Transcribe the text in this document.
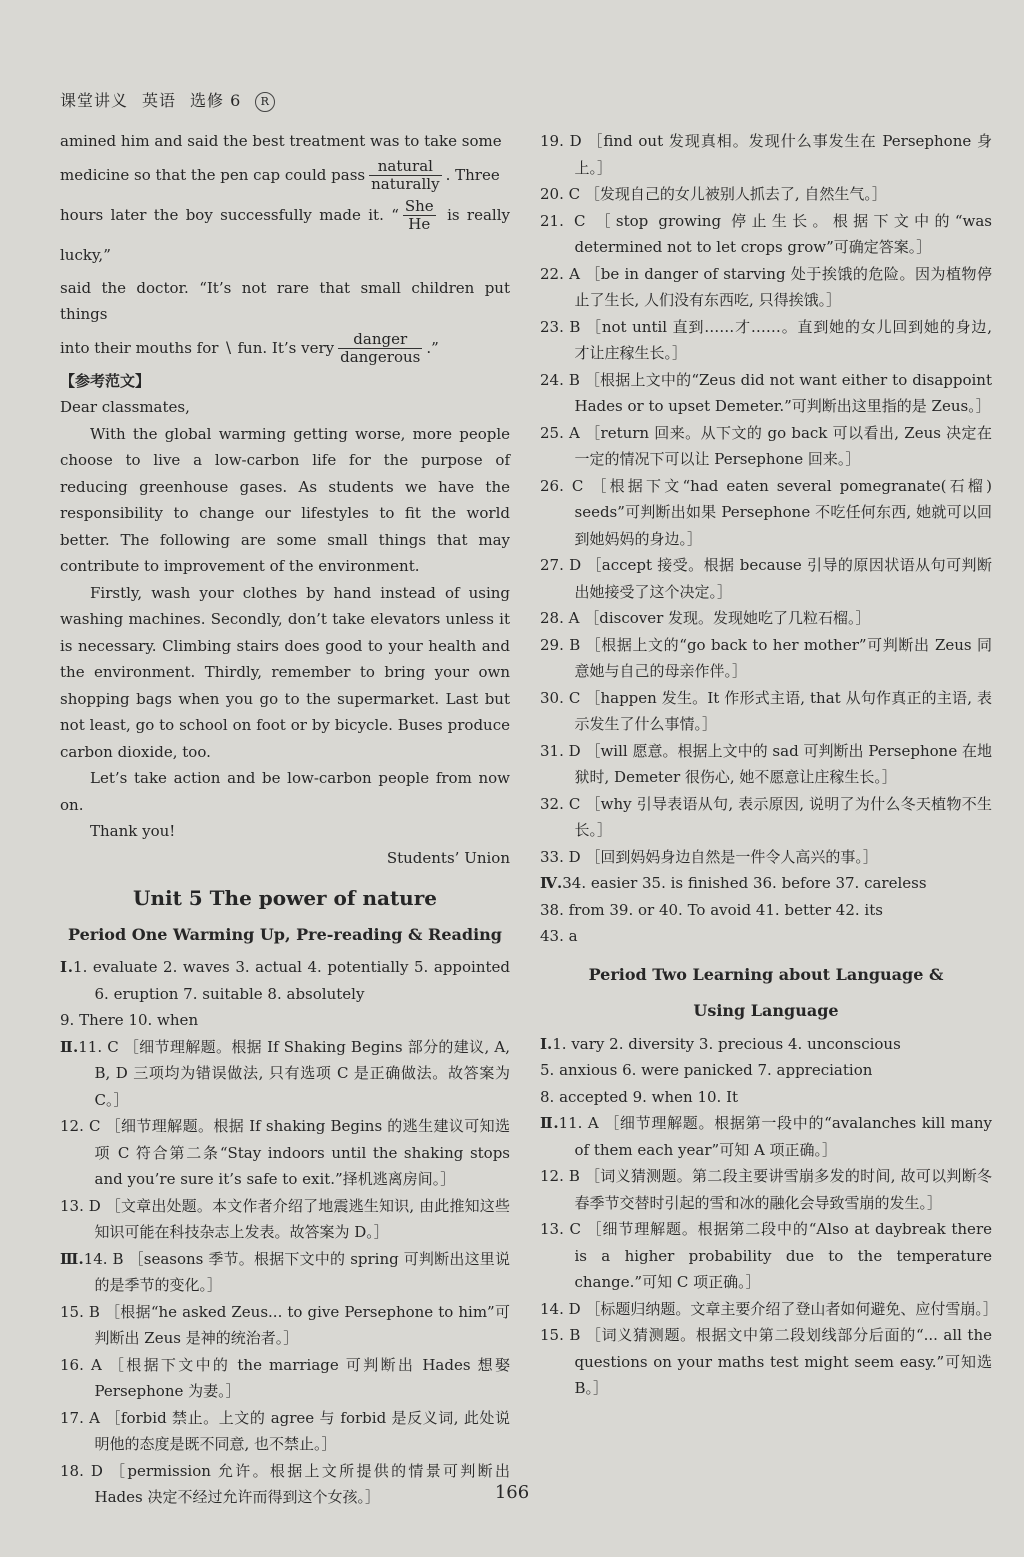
课堂讲义 英语 选修 6 R

amined him and said the best treatment was to take some

medicine so that the pen cap could pass $\frac{\text{natural}}{\text{naturally}}$ . Three

hours later the boy successfully made it. “ $\frac{\text{She}}{He}$ is really lucky,”

said the doctor. “It’s not rare that small children put things

into their mouths for ∖ fun. It’s very $\frac{\text{danger}}{\text{dangerous}}$ .”

【参考范文】

Dear classmates,

With the global warming getting worse, more people choose to live a low-carbon life for the purpose of reducing greenhouse gases. As students we have the responsibility to change our lifestyles to fit the world better. The following are some small things that may contribute to improvement of the environment.

Firstly, wash your clothes by hand instead of using washing machines. Secondly, don’t take elevators unless it is necessary. Climbing stairs does good to your health and the environment. Thirdly, remember to bring your own shopping bags when you go to the supermarket. Last but not least, go to school on foot or by bicycle. Buses produce carbon dioxide, too.

Let’s take action and be low-carbon people from now on.

Thank you!

Students’ Union

Unit 5 The power of nature
Period One Warming Up, Pre-reading & Reading

Ⅰ.1. evaluate 2. waves 3. actual 4. potentially 5. appointed 6. eruption 7. suitable 8. absolutely

9. There 10. when

Ⅱ.11. C ［细节理解题。根据 If Shaking Begins 部分的建议, A, B, D 三项均为错误做法, 只有选项 C 是正确做法。故答案为 C。］

12. C ［细节理解题。根据 If shaking Begins 的逃生建议可知选项 C 符合第二条“Stay indoors until the shaking stops and you’re sure it’s safe to exit.”择机逃离房间。］

13. D ［文章出处题。本文作者介绍了地震逃生知识, 由此推知这些知识可能在科技杂志上发表。故答案为 D。］

Ⅲ.14. B ［seasons 季节。根据下文中的 spring 可判断出这里说的是季节的变化。］

15. B ［根据“he asked Zeus... to give Persephone to him”可判断出 Zeus 是神的统治者。］

16. A ［根据下文中的 the marriage 可判断出 Hades 想娶 Persephone 为妻。］

17. A ［forbid 禁止。上文的 agree 与 forbid 是反义词, 此处说明他的态度是既不同意, 也不禁止。］

18. D ［permission 允许。根据上文所提供的情景可判断出 Hades 决定不经过允许而得到这个女孩。］

19. D ［find out 发现真相。发现什么事发生在 Persephone 身上。］

20. C ［发现自己的女儿被别人抓去了, 自然生气。］

21. C ［stop growing 停止生长。根据下文中的“was determined not to let crops grow”可确定答案。］

22. A ［be in danger of starving 处于挨饿的危险。因为植物停止了生长, 人们没有东西吃, 只得挨饿。］

23. B ［not until 直到……才……。直到她的女儿回到她的身边, 才让庄稼生长。］

24. B ［根据上文中的“Zeus did not want either to disappoint Hades or to upset Demeter.”可判断出这里指的是 Zeus。］

25. A ［return 回来。从下文的 go back 可以看出, Zeus 决定在一定的情况下可以让 Persephone 回来。］

26. C ［根据下文“had eaten several pomegranate(石榴) seeds”可判断出如果 Persephone 不吃任何东西, 她就可以回到她妈妈的身边。］

27. D ［accept 接受。根据 because 引导的原因状语从句可判断出她接受了这个决定。］

28. A ［discover 发现。发现她吃了几粒石榴。］

29. B ［根据上文的“go back to her mother”可判断出 Zeus 同意她与自己的母亲作伴。］

30. C ［happen 发生。It 作形式主语, that 从句作真正的主语, 表示发生了什么事情。］

31. D ［will 愿意。根据上文中的 sad 可判断出 Persephone 在地狱时, Demeter 很伤心, 她不愿意让庄稼生长。］

32. C ［why 引导表语从句, 表示原因, 说明了为什么冬天植物不生长。］

33. D ［回到妈妈身边自然是一件令人高兴的事。］

Ⅳ.34. easier 35. is finished 36. before 37. careless

38. from 39. or 40. To avoid 41. better 42. its

43. a

Period Two Learning about Language &
Using Language

Ⅰ.1. vary 2. diversity 3. precious 4. unconscious

5. anxious 6. were panicked 7. appreciation

8. accepted 9. when 10. It

Ⅱ.11. A ［细节理解题。根据第一段中的“avalanches kill many of them each year”可知 A 项正确。］

12. B ［词义猜测题。第二段主要讲雪崩多发的时间, 故可以判断冬春季节交替时引起的雪和冰的融化会导致雪崩的发生。］

13. C ［细节理解题。根据第二段中的“Also at daybreak there is a higher probability due to the temperature change.”可知 C 项正确。］

14. D ［标题归纳题。文章主要介绍了登山者如何避免、应付雪崩。］

15. B ［词义猜测题。根据文中第二段划线部分后面的“... all the questions on your maths test might seem easy.”可知选 B。］

166
